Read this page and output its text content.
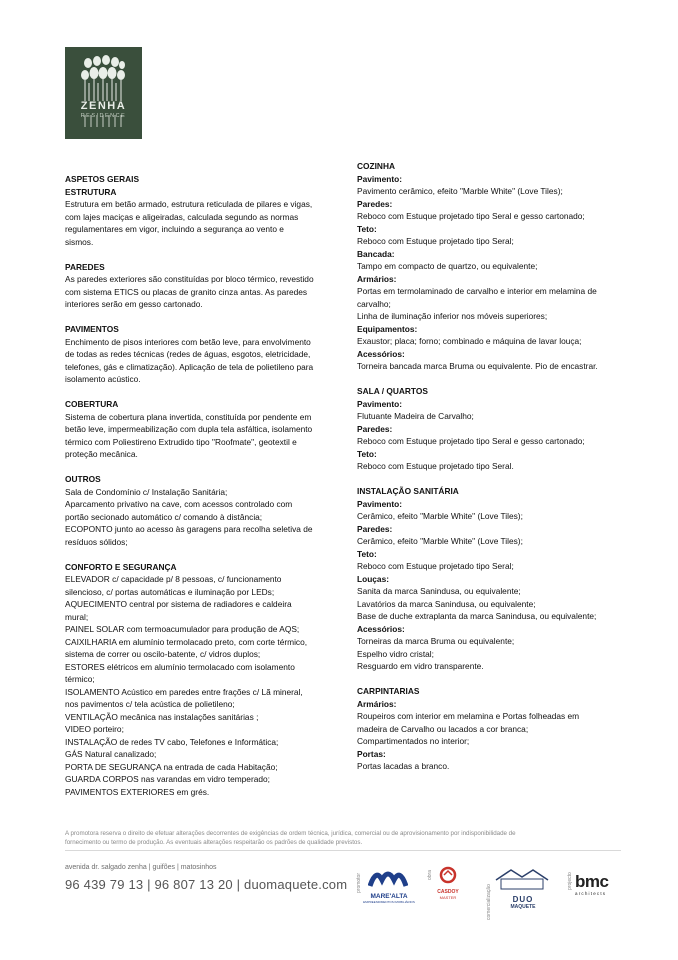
ZENHA
RESIDENCE
ASPETOS GERAIS
ESTRUTURA
Estrutura em betão armado, estrutura reticulada de pilares e vigas,
com lajes maciças e aligeiradas, calculada segundo as normas
regulamentares em vigor, incluindo a segurança ao vento e
sismos.
PAREDES
As paredes exteriores são constituídas por bloco térmico, revestido
com sistema ETICS ou placas de granito cinza antas. As paredes
interiores serão em gesso cartonado.
PAVIMENTOS
Enchimento de pisos interiores com betão leve, para envolvimento
de todas as redes técnicas (redes de águas, esgotos, eletricidade,
telefones, gás e climatização). Aplicação de tela de polietileno para
isolamento acústico.
COBERTURA
Sistema de cobertura plana invertida, constituída por pendente em
betão leve, impermeabilização com dupla tela asfáltica, isolamento
térmico com Poliestireno Extrudido tipo "Roofmate", geotextil e
proteção mecânica.
OUTROS
Sala de Condomínio c/ Instalação Sanitária;
Aparcamento privativo na cave, com acessos controlado com
portão secionado automático c/ comando à distância;
ECOPONTO junto ao acesso às garagens para recolha seletiva de
resíduos sólidos;
CONFORTO E SEGURANÇA
ELEVADOR c/ capacidade p/ 8 pessoas, c/ funcionamento
silencioso, c/ portas automáticas e iluminação por LEDs;
AQUECIMENTO central por sistema de radiadores e caldeira
mural;
PAINEL SOLAR com termoacumulador para produção de AQS;
CAIXILHARIA em alumínio termolacado preto, com corte térmico,
sistema de correr ou oscilo-batente, c/ vidros duplos;
ESTORES elétricos em alumínio termolacado com isolamento
térmico;
ISOLAMENTO Acústico em paredes entre frações c/ Lã mineral,
nos pavimentos c/ tela acústica de polietileno;
VENTILAÇÃO mecânica nas instalações sanitárias ;
VIDEO porteiro;
INSTALAÇÃO de redes TV cabo, Telefones e Informática;
GÁS Natural canalizado;
PORTA DE SEGURANÇA na entrada de cada Habitação;
GUARDA CORPOS nas varandas em vidro temperado;
PAVIMENTOS EXTERIORES em grés.
COZINHA
Pavimento:
Pavimento cerâmico, efeito "Marble White" (Love Tiles);
Paredes:
Reboco com Estuque projetado tipo Seral e gesso cartonado;
Teto:
Reboco com Estuque projetado tipo Seral;
Bancada:
Tampo em compacto de quartzo, ou equivalente;
Armários:
Portas em termolaminado de carvalho e interior em melamina de
carvalho;
Linha de iluminação inferior nos móveis superiores;
Equipamentos:
Exaustor; placa; forno; combinado e máquina de lavar louça;
Acessórios:
Torneira bancada marca Bruma ou equivalente. Pio de encastrar.
SALA / QUARTOS
Pavimento:
Flutuante Madeira de Carvalho;
Paredes:
Reboco com Estuque projetado tipo Seral e gesso cartonado;
Teto:
Reboco com Estuque projetado tipo Seral.
INSTALAÇÃO SANITÁRIA
Pavimento:
Cerâmico, efeito "Marble White" (Love Tiles);
Paredes:
Cerâmico, efeito "Marble White" (Love Tiles);
Teto:
Reboco com Estuque projetado tipo Seral;
Louças:
Sanita da marca Sanindusa, ou equivalente;
Lavatórios da marca Sanindusa, ou equivalente;
Base de duche extraplanta da marca Sanindusa, ou equivalente;
Acessórios:
Torneiras da marca Bruma ou equivalente;
Espelho vidro cristal;
Resguardo em vidro transparente.
CARPINTARIAS
Armários:
Roupeiros com interior em melamina e Portas folheadas em
madeira de Carvalho ou lacados a cor branca;
Compartimentados no interior;
Portas:
Portas lacadas a branco.
A promotora reserva o direito de efetuar alterações decorrentes de exigências de ordem técnica, jurídica, comercial ou de aprovisionamento por indisponibilidade de
fornecimento ou termo de produção. As eventuais alterações respeitarão os padrões de qualidade previstos.
avenida dr. salgado zenha | guifões | matosinhos
96 439 79 13 | 96 807 13 20 | duomaquete.com promotor
MARE'ALTA
EMPREENDIMENTOS IMOBILIÁRIOS
obra
CASDOY
MASTER	comercialização	DUO
MAQUETE
projecto bmc
architects
